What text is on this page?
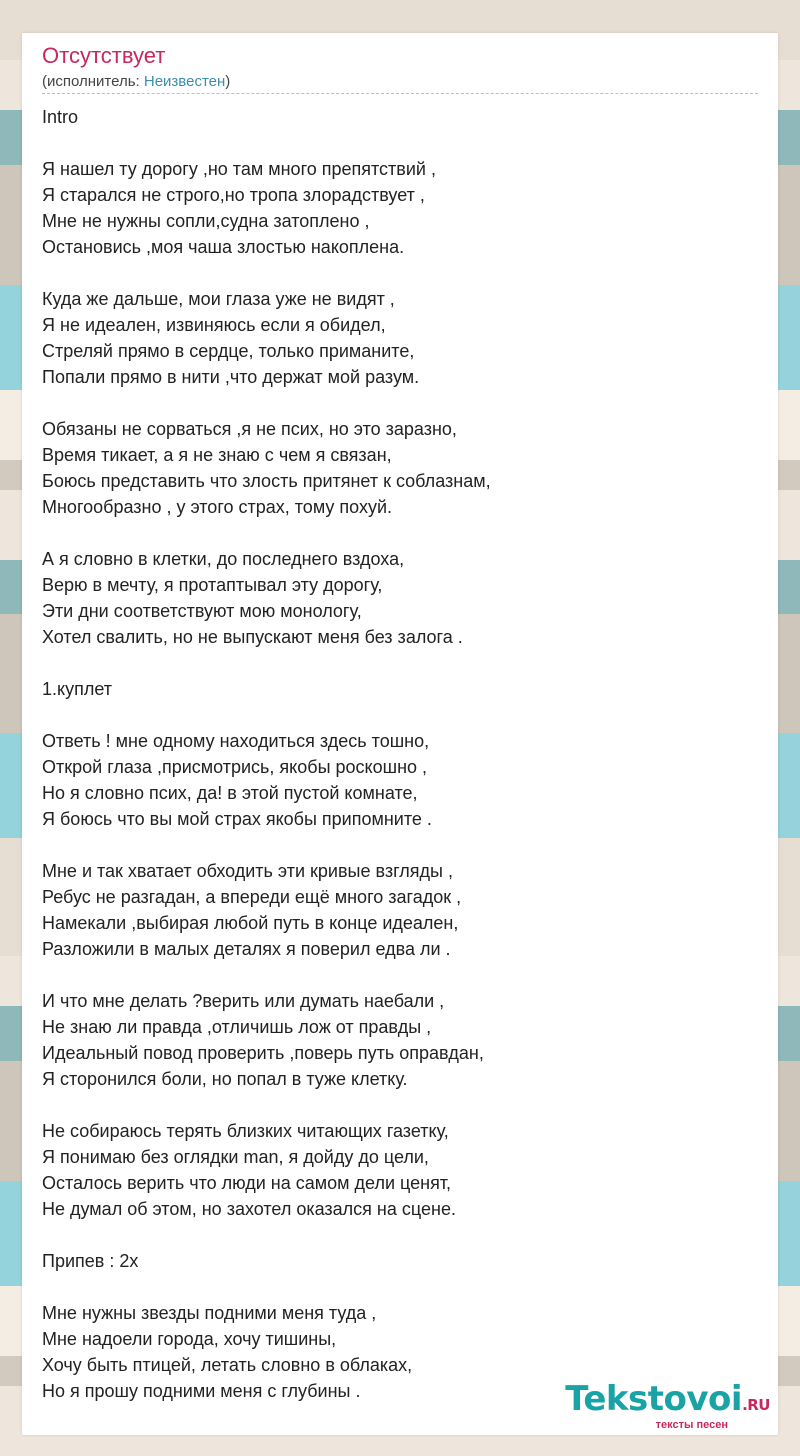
Отсутствует
(исполнитель: Неизвестен)
Intro
Я нашел ту дорогу ,но там много препятствий ,
Я старался не строго,но тропа злорадствует ,
Мне не нужны сопли,судна затоплено ,
Остановись ,моя чаша злостью накоплена.
Куда же дальше, мои глаза уже не видят ,
Я не идеален, извиняюсь если я обидел,
Стреляй прямо в сердце, только приманите,
Попали прямо в нити ,что держат мой разум.
Обязаны не сорваться ,я не псих, но это заразно,
Время тикает, а я не знаю с чем я связан,
Боюсь представить что злость притянет к соблазнам,
Многообразно , у этого страх, тому похуй.
А я словно в клетки, до последнего вздоха,
Верю в мечту, я протаптывал эту дорогу,
Эти дни соответствуют мою монологу,
Хотел свалить, но не выпускают меня без залога .
1.куплет
Ответь ! мне одному находиться здесь тошно,
Открой глаза ,присмотрись, якобы роскошно ,
Но я словно псих, да! в этой пустой комнате,
Я боюсь что вы мой страх якобы припомните .
Мне и так хватает обходить эти кривые взгляды ,
Ребус не разгадан, а впереди ещё много загадок ,
Намекали ,выбирая любой путь в конце идеален,
Разложили в малых деталях я поверил едва ли .
И что мне делать ?верить или думать наебали ,
Не знаю ли правда ,отличишь лож от правды ,
Идеальный повод проверить ,поверь путь оправдан,
Я сторонился боли, но попал в туже клетку.
Не собираюсь терять близких читающих газетку,
Я понимаю без оглядки man, я дойду до цели,
Осталось верить что люди на самом дели ценят,
Не думал об этом, но захотел оказался на сцене.
Припев : 2x
Мне нужны звезды подними меня туда ,
Мне надоели города, хочу тишины,
Хочу быть птицей, летать словно в облаках,
Но я прошу подними меня с глубины .	Tekstovoi.RU
тексты песен
